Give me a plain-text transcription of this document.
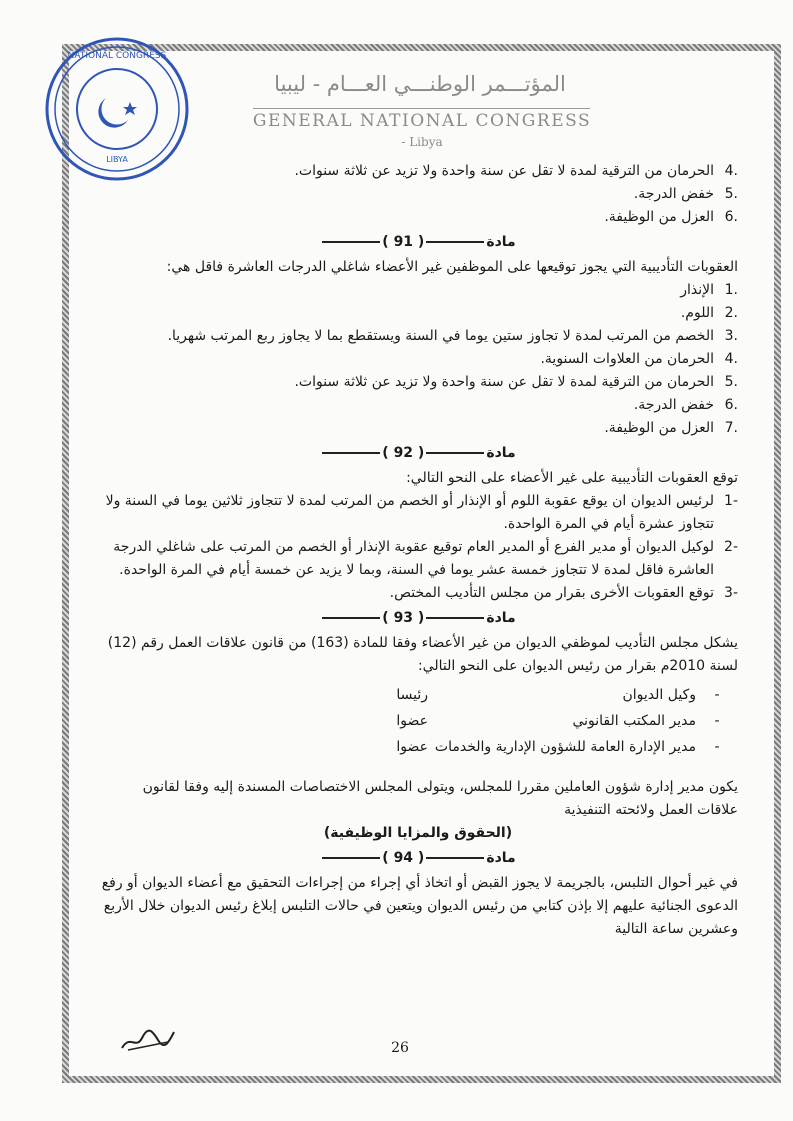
NATIONAL CONGRESS
LIBYA
المؤتـــمر الوطنـــي العـــام - ليبيا
GENERAL NATIONAL CONGRESS - Libya
4.
الحرمان من الترقية لمدة لا تقل عن سنة واحدة ولا تزيد عن ثلاثة سنوات.
5.
خفض الدرجة.
6.
العزل من الوظيفة.
مادة( 91 )

العقوبات التأديبية التي يجوز توقيعها على الموظفين غير الأعضاء شاغلي الدرجات العاشرة فاقل هي:

1.
الإنذار
2.
اللوم.
3.
الخصم من المرتب لمدة لا تجاوز ستين يوما في السنة ويستقطع بما لا يجاوز ربع المرتب شهريا.
4.
الحرمان من العلاوات السنوية.
5.
الحرمان من الترقية لمدة لا تقل عن سنة واحدة ولا تزيد عن ثلاثة سنوات.
6.
خفض الدرجة.
7.
العزل من الوظيفة.
مادة( 92 )

توقع العقوبات التأديبية على غير الأعضاء على النحو التالي:

1-
لرئيس الديوان ان يوقع عقوبة اللوم أو الإنذار أو الخصم من المرتب لمدة لا تتجاوز ثلاثين يوما في السنة ولا تتجاوز عشرة أيام في المرة الواحدة.
2-
لوكيل الديوان أو مدير الفرع أو المدير العام توقيع عقوبة الإنذار أو الخصم من المرتب على شاغلي الدرجة العاشرة فاقل لمدة لا تتجاوز خمسة عشر يوما في السنة، وبما لا يزيد عن خمسة أيام في المرة الواحدة.
3-
توقع العقوبات الأخرى بقرار من مجلس التأديب المختص.
مادة( 93 )

يشكل مجلس التأديب لموظفي الديوان من غير الأعضاء وفقا للمادة (163) من قانون علاقات العمل رقم (12) لسنة 2010م بقرار من رئيس الديوان على النحو التالي:

-
وكيل الديوان
رئيسا
-
مدير المكتب القانوني
عضوا
-
مدير الإدارة العامة للشؤون الإدارية والخدمات
عضوا

يكون مدير إدارة شؤون العاملين مقررا للمجلس، ويتولى المجلس الاختصاصات المسندة إليه وفقا لقانون علاقات العمل ولائحته التنفيذية

(الحقوق والمزايا الوظيفية)
مادة( 94 )

في غير أحوال التلبس، بالجريمة لا يجوز القبض أو اتخاذ أي إجراء من إجراءات التحقيق مع أعضاء الديوان أو رفع الدعوى الجنائية عليهم إلا بإذن كتابي من رئيس الديوان ويتعين في حالات التلبس إبلاغ رئيس الديوان خلال الأربع وعشرين ساعة التالية

26
